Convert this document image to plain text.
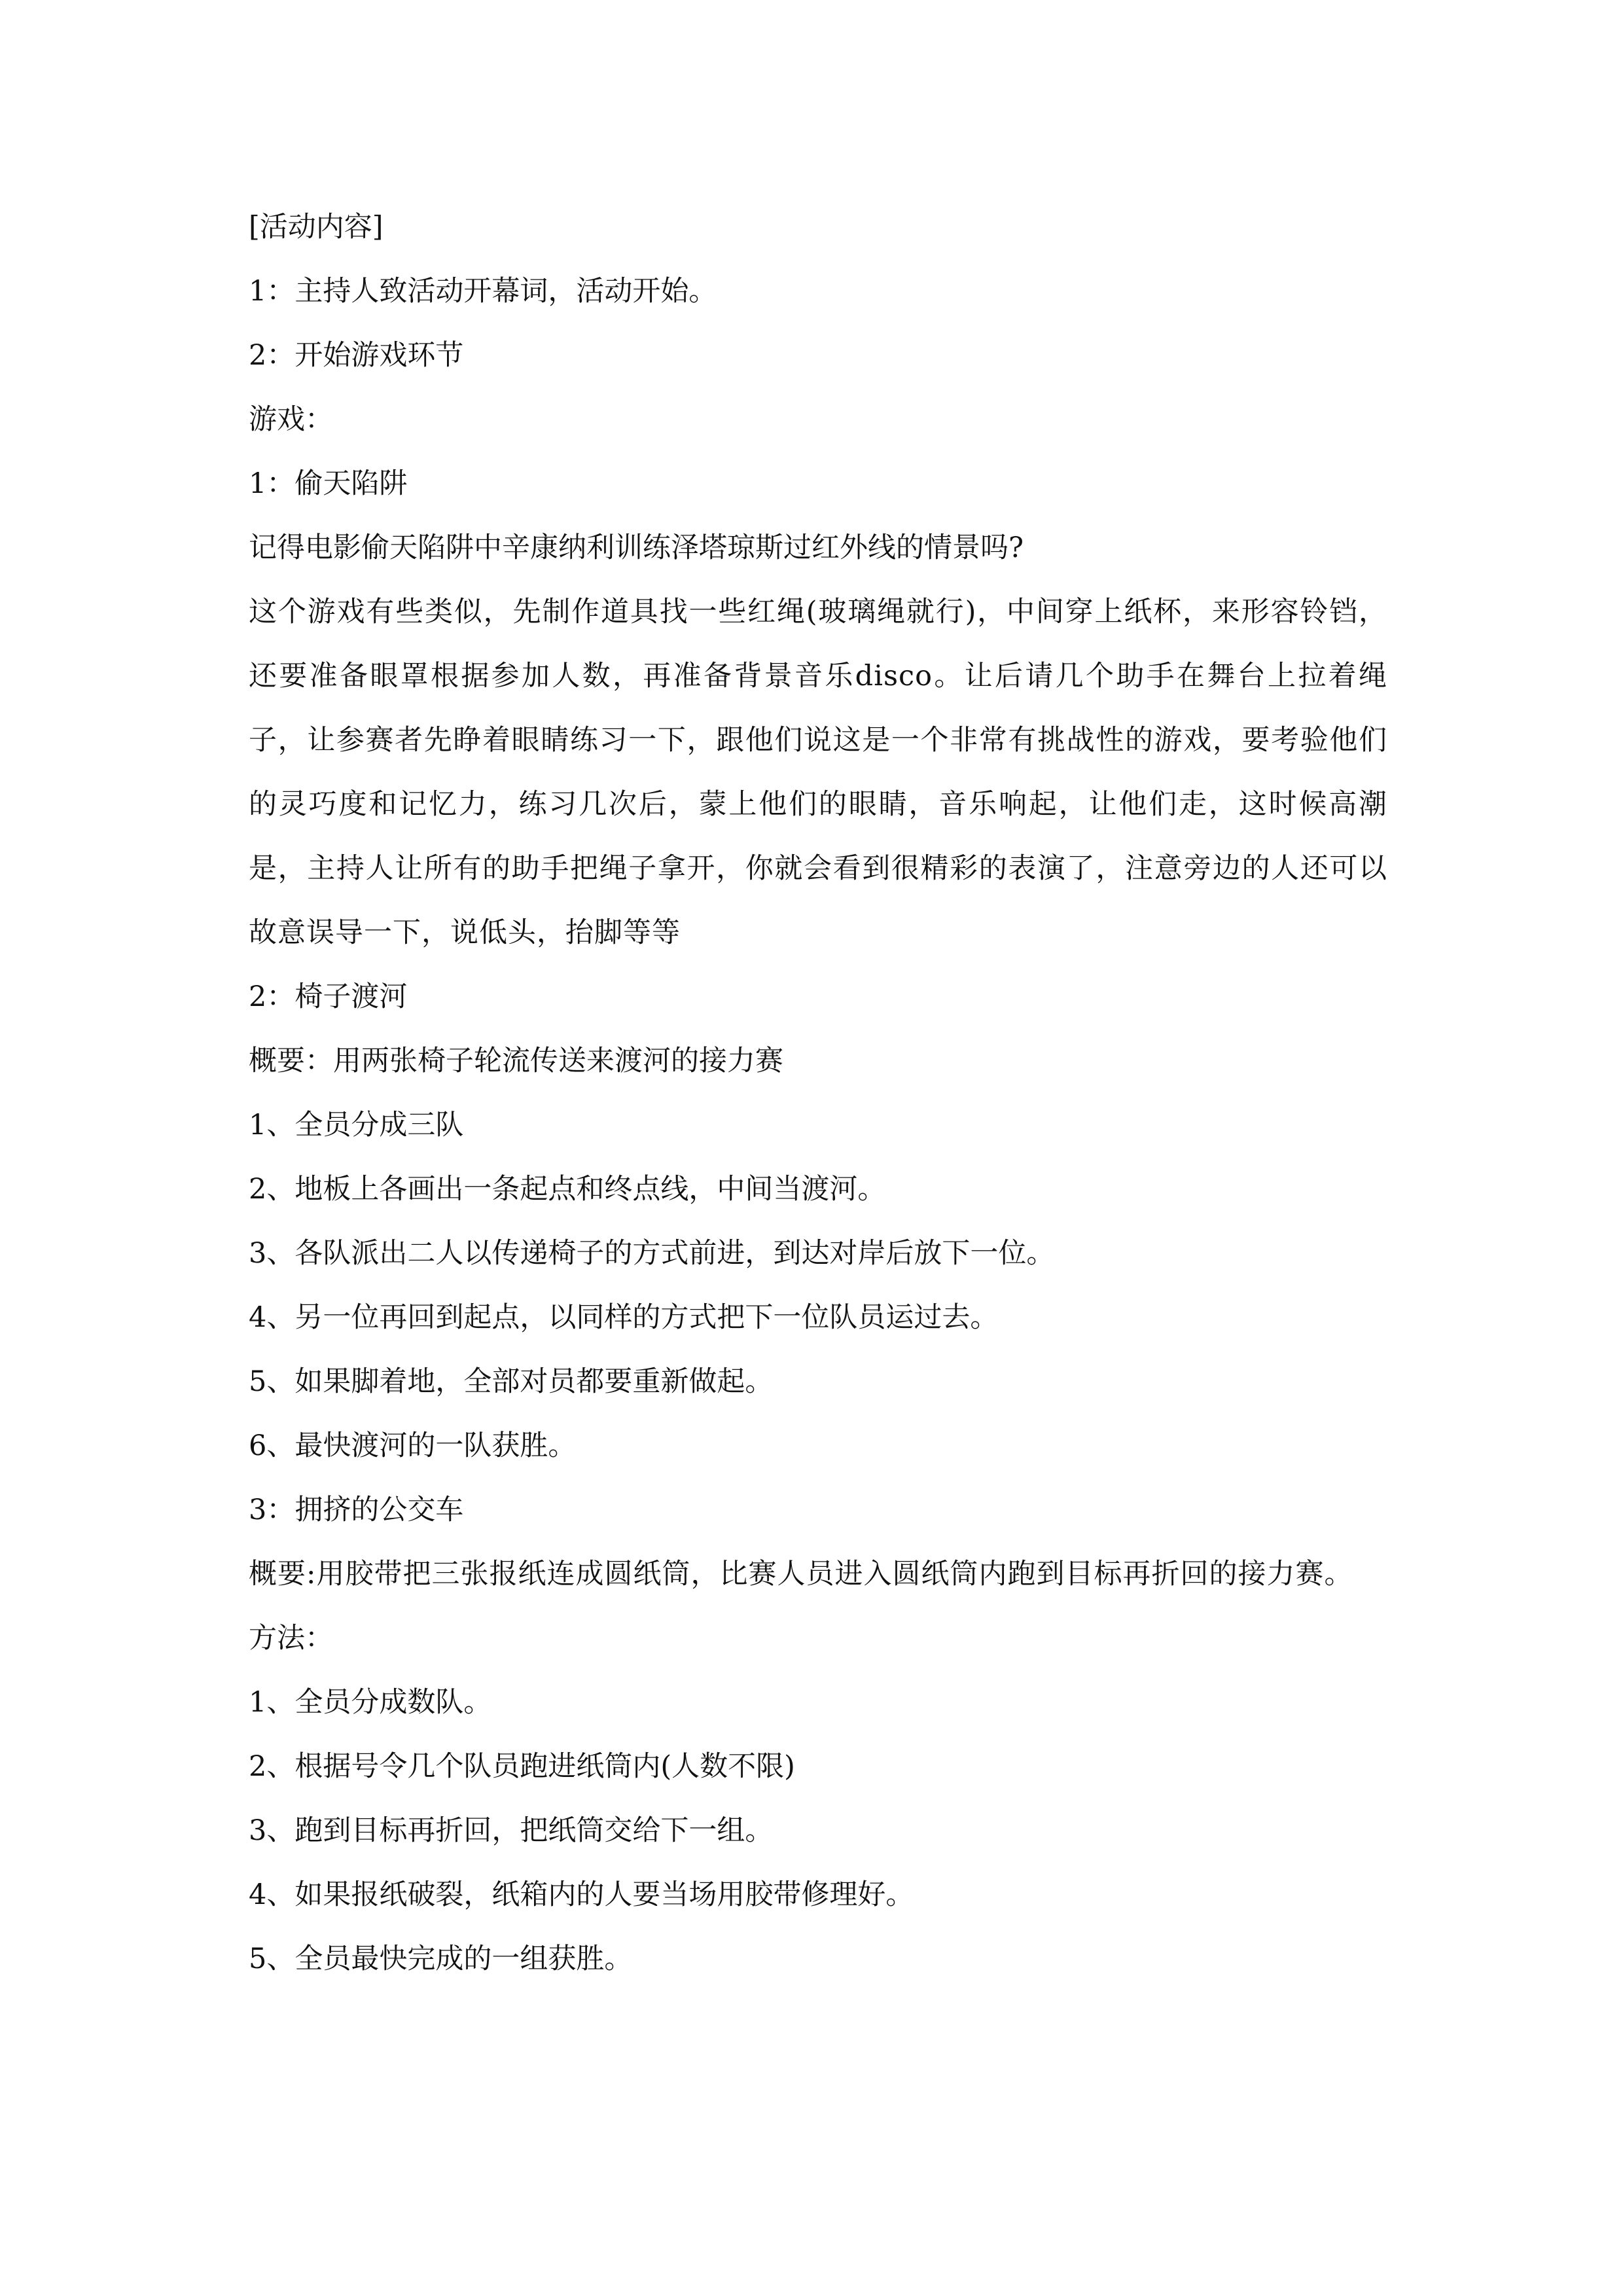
[活动内容]
1：主持人致活动开幕词，活动开始。
2：开始游戏环节
游戏：
1：偷天陷阱
记得电影偷天陷阱中辛康纳利训练泽塔琼斯过红外线的情景吗?
这个游戏有些类似，先制作道具找一些红绳(玻璃绳就行)，中间穿上纸杯，来形容铃铛，还要准备眼罩根据参加人数，再准备背景音乐disco。让后请几个助手在舞台上拉着绳子，让参赛者先睁着眼睛练习一下，跟他们说这是一个非常有挑战性的游戏，要考验他们的灵巧度和记忆力，练习几次后，蒙上他们的眼睛，音乐响起，让他们走，这时候高潮是，主持人让所有的助手把绳子拿开，你就会看到很精彩的表演了，注意旁边的人还可以故意误导一下，说低头，抬脚等等
2：椅子渡河
概要：用两张椅子轮流传送来渡河的接力赛
1、全员分成三队
2、地板上各画出一条起点和终点线，中间当渡河。
3、各队派出二人以传递椅子的方式前进，到达对岸后放下一位。
4、另一位再回到起点，以同样的方式把下一位队员运过去。
5、如果脚着地，全部对员都要重新做起。
6、最快渡河的一队获胜。
3：拥挤的公交车
概要:用胶带把三张报纸连成圆纸筒，比赛人员进入圆纸筒内跑到目标再折回的接力赛。
方法：
1、全员分成数队。
2、根据号令几个队员跑进纸筒内(人数不限)
3、跑到目标再折回，把纸筒交给下一组。
4、如果报纸破裂，纸箱内的人要当场用胶带修理好。
5、全员最快完成的一组获胜。
